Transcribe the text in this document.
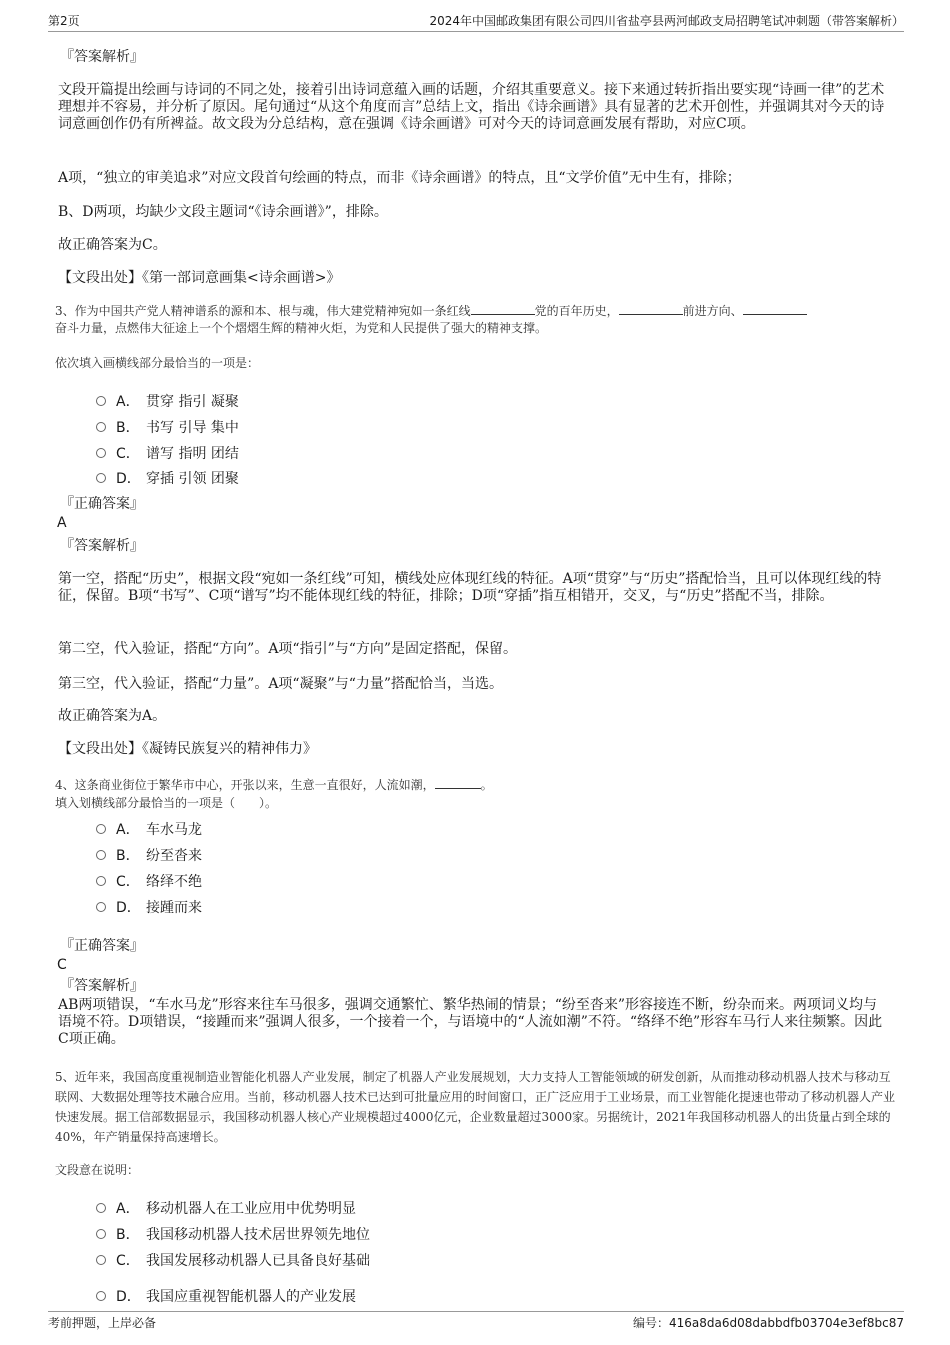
第2页	2024年中国邮政集团有限公司四川省盐亭县两河邮政支局招聘笔试冲刺题（带答案解析）
『答案解析』
文段开篇提出绘画与诗词的不同之处，接着引出诗词意蕴入画的话题，介绍其重要意义。接下来通过转折指出要实现“诗画一律”的艺术理想并不容易，并分析了原因。尾句通过“从这个角度而言”总结上文，指出《诗余画谱》具有显著的艺术开创性，并强调其对今天的诗词意画创作仍有所裨益。故文段为分总结构，意在强调《诗余画谱》可对今天的诗词意画发展有帮助，对应C项。
A项，“独立的审美追求”对应文段首句绘画的特点，而非《诗余画谱》的特点，且“文学价值”无中生有，排除；
B、D两项，均缺少文段主题词“《诗余画谱》”，排除。
故正确答案为C。
【文段出处】《第一部词意画集<诗余画谱>》
3、作为中国共产党人精神谱系的源和本、根与魂，伟大建党精神宛如一条红线	党的百年历史，	前进方向、
奋斗力量，点燃伟大征途上一个个熠熠生辉的精神火炬，为党和人民提供了强大的精神支撑。
依次填入画横线部分最恰当的一项是：
A． 贯穿 指引 凝聚
B． 书写 引导 集中
C． 谱写 指明 团结
D． 穿插 引领 团聚
『正确答案』
A
『答案解析』
第一空，搭配“历史”，根据文段“宛如一条红线”可知，横线处应体现红线的特征。A项“贯穿”与“历史”搭配恰当，且可以体现红线的特征，保留。B项“书写”、C项“谱写”均不能体现红线的特征，排除；D项“穿插”指互相错开，交叉，与“历史”搭配不当，排除。
第二空，代入验证，搭配“方向”。A项“指引”与“方向”是固定搭配，保留。
第三空，代入验证，搭配“力量”。A项“凝聚”与“力量”搭配恰当，当选。
故正确答案为A。
【文段出处】《凝铸民族复兴的精神伟力》
4、这条商业街位于繁华市中心，开张以来，生意一直很好，人流如潮，	。
填入划横线部分最恰当的一项是（　　）。
A． 车水马龙
B． 纷至沓来
C． 络绎不绝
D． 接踵而来
『正确答案』
C
『答案解析』
AB两项错误，“车水马龙”形容来往车马很多，强调交通繁忙、繁华热闹的情景；“纷至沓来”形容接连不断，纷杂而来。两项词义均与语境不符。D项错误，“接踵而来”强调人很多，一个接着一个，与语境中的“人流如潮”不符。“络绎不绝”形容车马行人来往频繁。因此C项正确。
5、近年来，我国高度重视制造业智能化机器人产业发展，制定了机器人产业发展规划，大力支持人工智能领域的研发创新，从而推动移动机器人技术与移动互联网、大数据处理等技术融合应用。当前，移动机器人技术已达到可批量应用的时间窗口，正广泛应用于工业场景，而工业智能化提速也带动了移动机器人产业快速发展。据工信部数据显示，我国移动机器人核心产业规模超过4000亿元，企业数量超过3000家。另据统计，2021年我国移动机器人的出货量占到全球的40%，年产销量保持高速增长。
文段意在说明：
A． 移动机器人在工业应用中优势明显
B． 我国移动机器人技术居世界领先地位
C． 我国发展移动机器人已具备良好基础
D． 我国应重视智能机器人的产业发展
考前押题，上岸必备	编号：416a8da6d08dabbdfb03704e3ef8bc87
